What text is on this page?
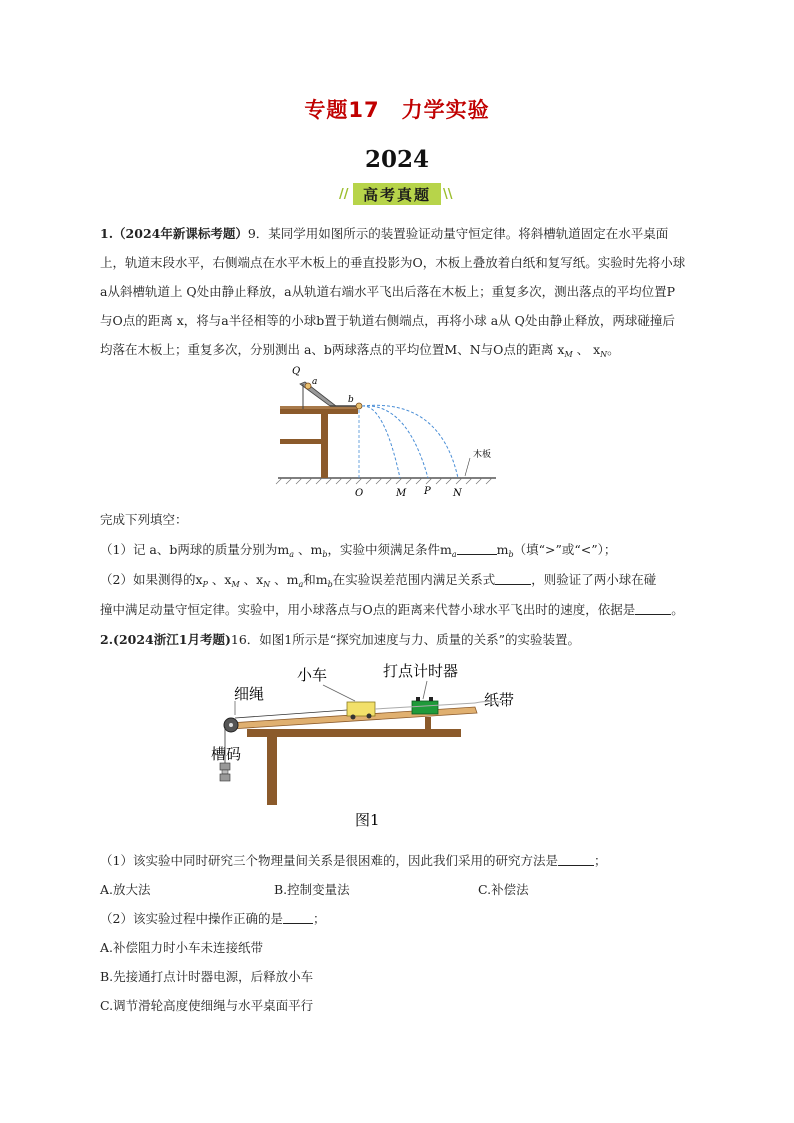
专题17　力学实验
2024
// 高考真题 \\
1.（2024年新课标考题）9．某同学用如图所示的装置验证动量守恒定律。将斜槽轨道固定在水平桌面
上，轨道末段水平，右侧端点在水平木板上的垂直投影为O，木板上叠放着白纸和复写纸。实验时先将小球
a从斜槽轨道上 Q处由静止释放，a从轨道右端水平飞出后落在木板上；重复多次，测出落点的平均位置P
与O点的距离 x，将与a半径相等的小球b置于轨道右侧端点，再将小球 a从 Q处由静止释放，两球碰撞后
均落在木板上；重复多次，分别测出 a、b两球落点的平均位置M、N与O点的距离 $x_M$ 、 $x_N$。
Q
a
b
木板
O	M P N
完成下列填空：
（1）记 a、b两球的质量分别为$m_a$ 、$m_b$，实验中须满足条件$m_a$	$m_b$（填“>”或“<”）；
（2）如果测得的$x_P$ 、$x_M$ 、$x_N$ 、$m_a$和$m_b$在实验误差范围内满足关系式	，则验证了两小球在碰
撞中满足动量守恒定律。实验中，用小球落点与O点的距离来代替小球水平飞出时的速度，依据是	。
2.(2024浙江1月考题)16．如图1所示是“探究加速度与力、质量的关系”的实验装置。
小车	打点计时器
细绳	纸带
槽码
图1
（1）该实验中同时研究三个物理量间关系是很困难的，因此我们采用的研究方法是	；
A.放大法	B.控制变量法	C.补偿法
（2）该实验过程中操作正确的是 ；
A.补偿阻力时小车未连接纸带
B.先接通打点计时器电源，后释放小车
C.调节滑轮高度使细绳与水平桌面平行
